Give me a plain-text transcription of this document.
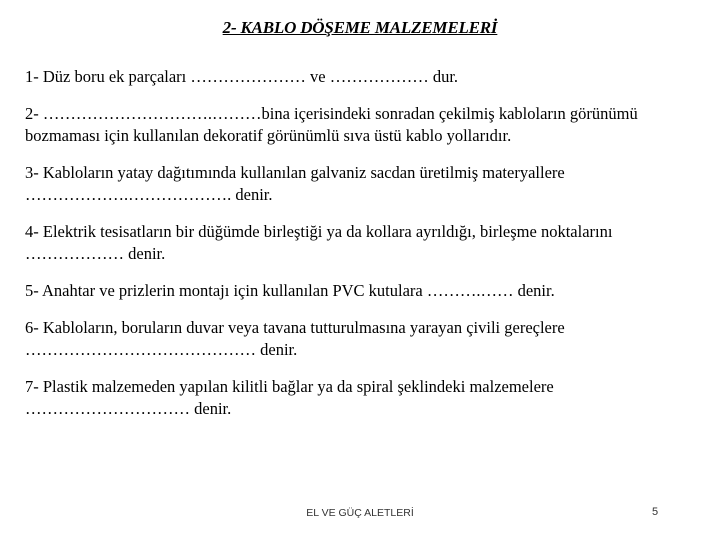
2- KABLO DÖŞEME MALZEMELERİ

1- Düz boru ek parçaları ………………… ve ……………… dur.

2- ………………………….………bina içerisindeki sonradan çekilmiş kabloların görünümü bozmaması için kullanılan dekoratif görünümlü sıva üstü kablo yollarıdır.

3- Kabloların yatay dağıtımında kullanılan galvaniz sacdan üretilmiş materyallere ……………….………………. denir.

4- Elektrik tesisatların bir düğümde birleştiği ya da kollara ayrıldığı, birleşme noktalarını ……………… denir.

5- Anahtar ve prizlerin montajı için kullanılan PVC kutulara ……….…… denir.

6- Kabloların, boruların duvar veya tavana tutturulmasına yarayan çivili gereçlere …………………………………… denir.

7- Plastik malzemeden yapılan kilitli bağlar ya da spiral şeklindeki malzemelere ………………………… denir.

EL VE GÜÇ ALETLERİ	5
